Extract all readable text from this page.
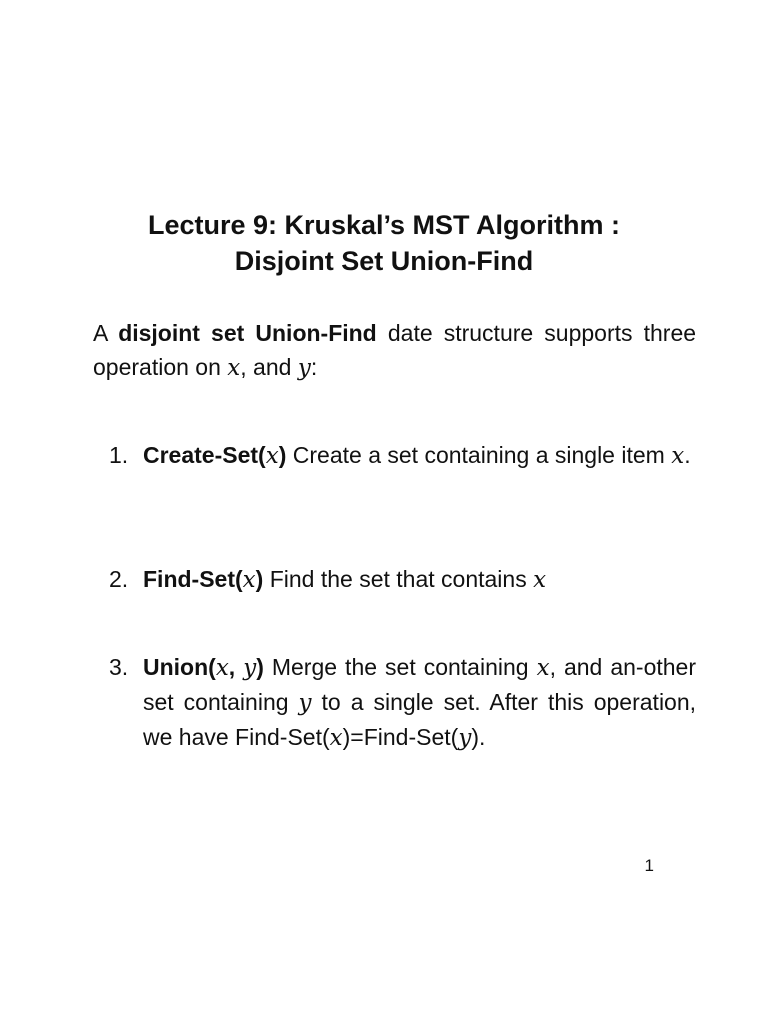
Lecture 9: Kruskal’s MST Algorithm :
Disjoint Set Union-Find
A disjoint set Union-Find date structure supports three operation on x, and y:
1. Create-Set(x) Create a set containing a single item x.
2. Find-Set(x) Find the set that contains x
3. Union(x, y) Merge the set containing x, and an-other set containing y to a single set. After this operation, we have Find-Set(x)=Find-Set(y).
1
